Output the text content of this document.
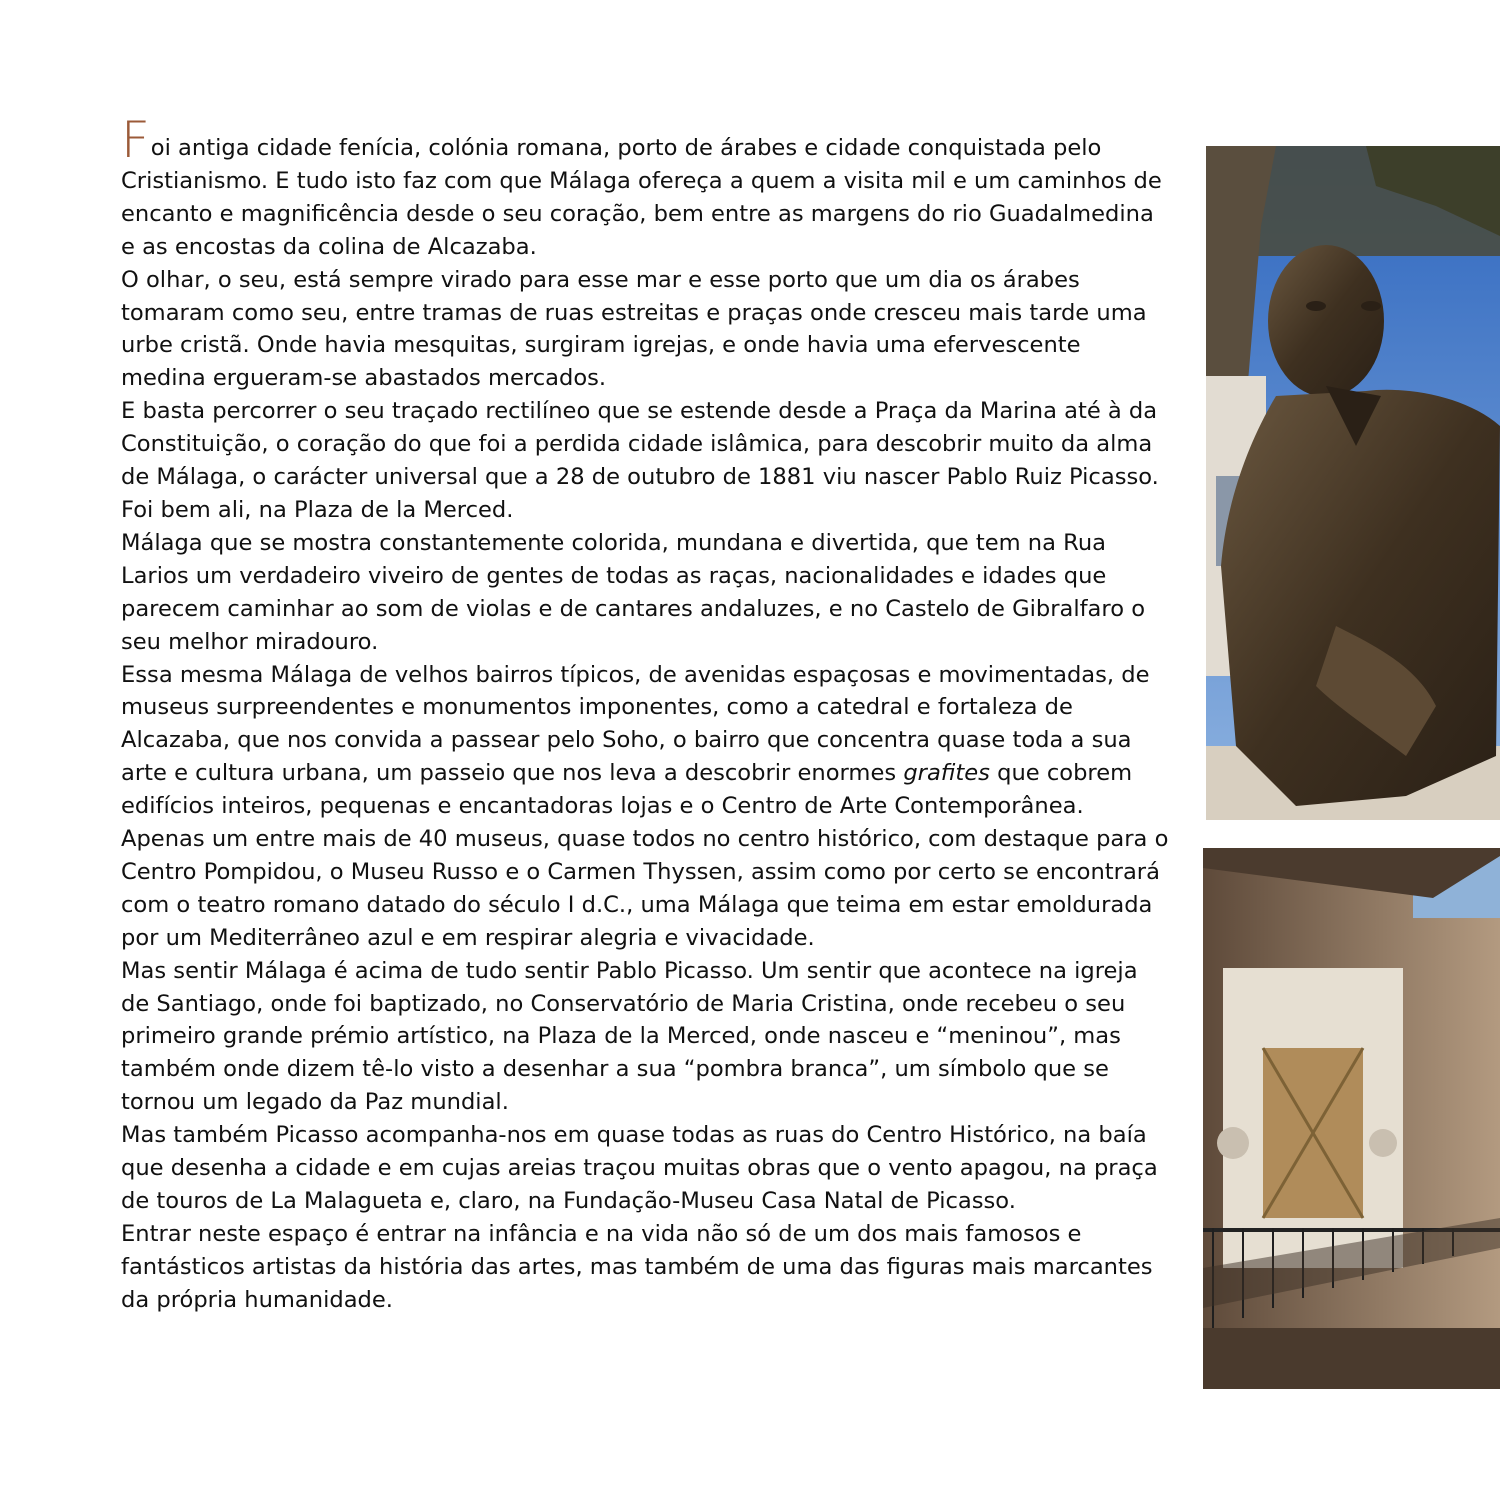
Foi antiga cidade fenícia, colónia romana, porto de árabes e cidade conquistada pelo Cristianismo. E tudo isto faz com que Málaga ofereça a quem a visita mil e um caminhos de encanto e magnificência desde o seu coração, bem entre as margens do rio Guadalmedina e as encostas da colina de Alcazaba.

O olhar, o seu, está sempre virado para esse mar e esse porto que um dia os árabes tomaram como seu, entre tramas de ruas estreitas e praças onde cresceu mais tarde uma urbe cristã. Onde havia mesquitas, surgiram igrejas, e onde havia uma efervescente medina ergueram-se abastados mercados.

E basta percorrer o seu traçado rectilíneo que se estende desde a Praça da Marina até à da Constituição, o coração do que foi a perdida cidade islâmica, para descobrir muito da alma de Málaga, o carácter universal que a 28 de outubro de 1881 viu nascer Pablo Ruiz Picasso. Foi bem ali, na Plaza de la Merced.

Málaga que se mostra constantemente colorida, mundana e divertida, que tem na Rua Larios um verdadeiro viveiro de gentes de todas as raças, nacionalidades e idades que parecem caminhar ao som de violas e de cantares andaluzes, e no Castelo de Gibralfaro o seu melhor miradouro.

Essa mesma Málaga de velhos bairros típicos, de avenidas espaçosas e movimentadas, de museus surpreendentes e monumentos imponentes, como a catedral e fortaleza de Alcazaba, que nos convida a passear pelo Soho, o bairro que concentra quase toda a sua arte e cultura urbana, um passeio que nos leva a descobrir enormes grafites que cobrem edifícios inteiros, pequenas e encantadoras lojas e o Centro de Arte Contemporânea. Apenas um entre mais de 40 museus, quase todos no centro histórico, com destaque para o Centro Pompidou, o Museu Russo e o Carmen Thyssen, assim como por certo se encontrará com o teatro romano datado do século I d.C., uma Málaga que teima em estar emoldurada por um Mediterrâneo azul e em respirar alegria e vivacidade.

Mas sentir Málaga é acima de tudo sentir Pablo Picasso. Um sentir que acontece na igreja de Santiago, onde foi baptizado, no Conservatório de Maria Cristina, onde recebeu o seu primeiro grande prémio artístico, na Plaza de la Merced, onde nasceu e “meninou”, mas também onde dizem tê-lo visto a desenhar a sua “pombra branca”, um símbolo que se tornou um legado da Paz mundial.

Mas também Picasso acompanha-nos em quase todas as ruas do Centro Histórico, na baía que desenha a cidade e em cujas areias traçou muitas obras que o vento apagou, na praça de touros de La Malagueta e, claro, na Fundação-Museu Casa Natal de Picasso.

Entrar neste espaço é entrar na infância e na vida não só de um dos mais famosos e fantásticos artistas da história das artes, mas também de uma das figuras mais marcantes da própria humanidade.
